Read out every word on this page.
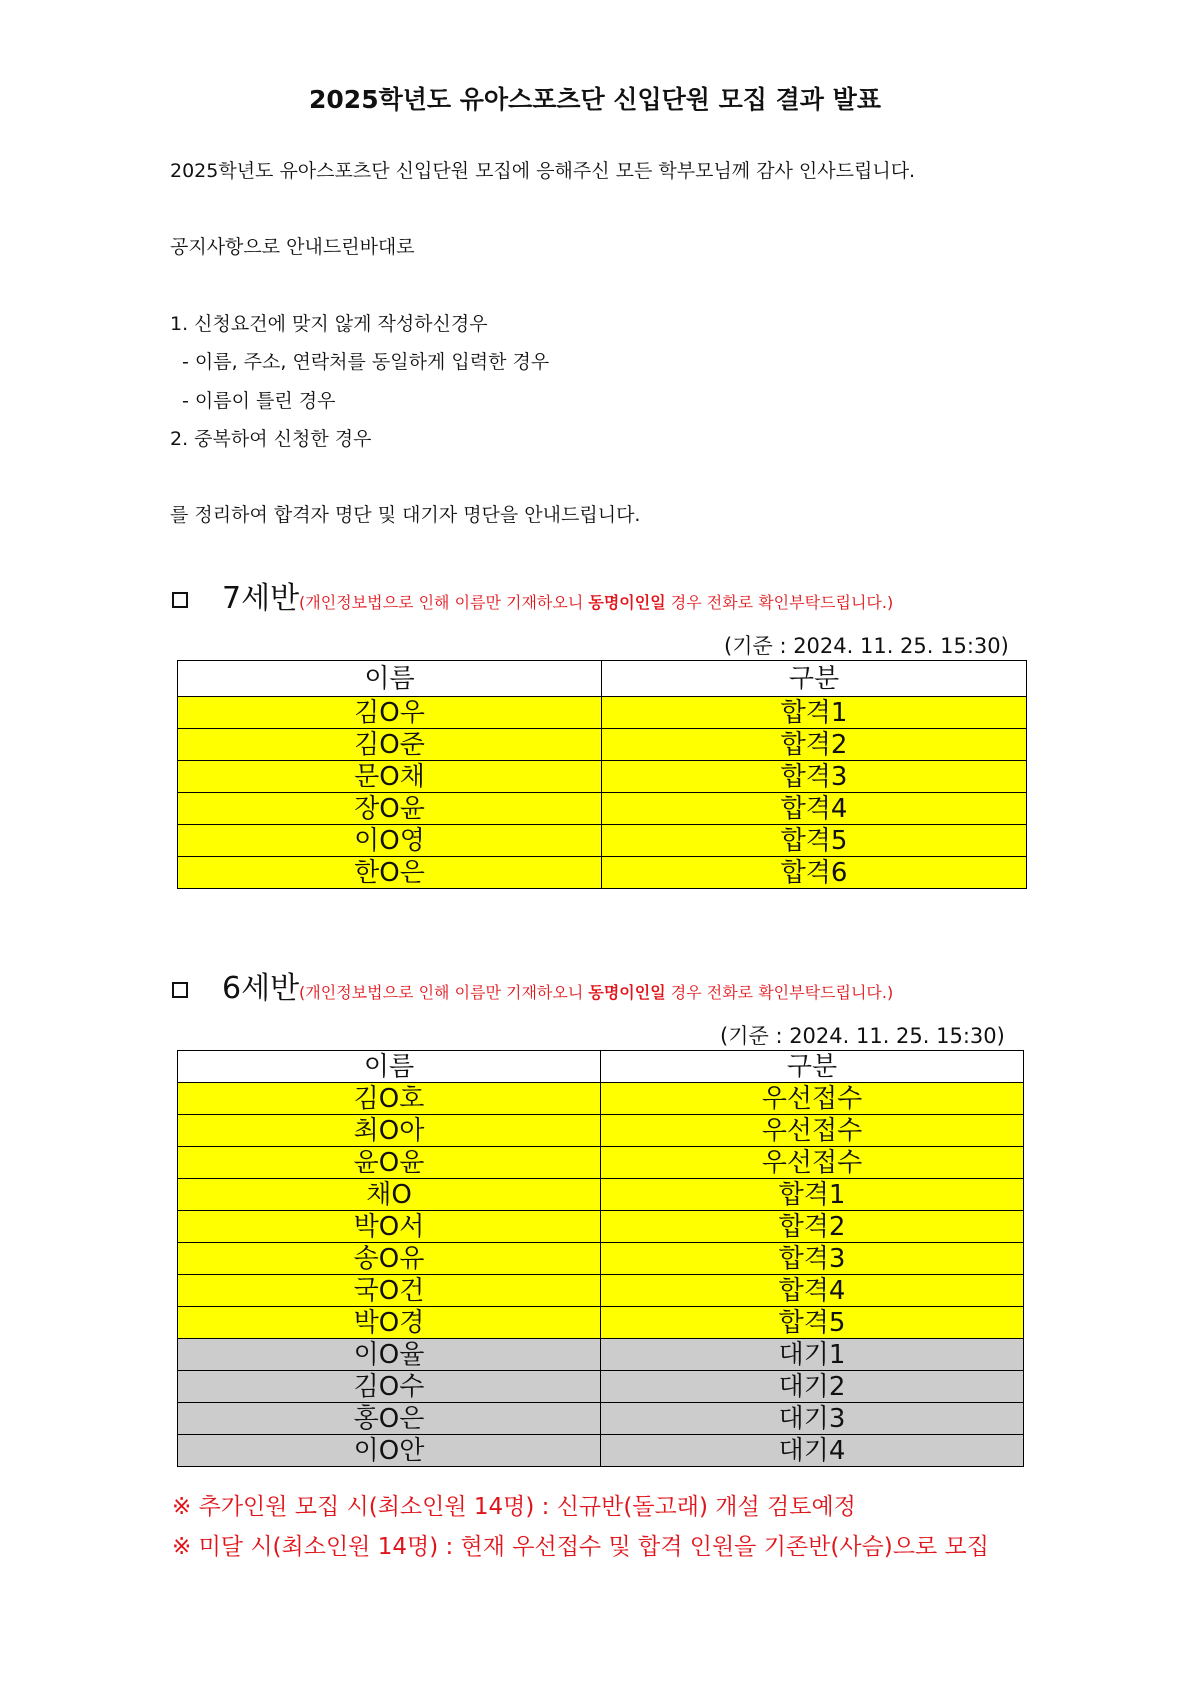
2025학년도 유아스포츠단 신입단원 모집 결과 발표
2025학년도 유아스포츠단 신입단원 모집에 응해주신 모든 학부모님께 감사 인사드립니다.
공지사항으로 안내드린바대로
1. 신청요건에 맞지 않게 작성하신경우
- 이름, 주소, 연락처를 동일하게 입력한 경우
- 이름이 틀린 경우
2. 중복하여 신청한 경우
를 정리하여 합격자 명단 및 대기자 명단을 안내드립니다.
7세반(개인정보법으로 인해 이름만 기재하오니 동명이인일 경우 전화로 확인부탁드립니다.)
(기준 : 2024. 11. 25. 15:30)
이름	구분
김O우	합격1
김O준	합격2
문O채	합격3
장O윤	합격4
이O영	합격5
한O은	합격6
6세반(개인정보법으로 인해 이름만 기재하오니 동명이인일 경우 전화로 확인부탁드립니다.)
(기준 : 2024. 11. 25. 15:30)
이름	구분
김O호	우선접수
최O아	우선접수
윤O윤	우선접수
채O	합격1
박O서	합격2
송O유	합격3
국O건	합격4
박O경	합격5
이O율	대기1
김O수	대기2
홍O은	대기3
이O안	대기4
※ 추가인원 모집 시(최소인원 14명) : 신규반(돌고래) 개설 검토예정
※ 미달 시(최소인원 14명) : 현재 우선접수 및 합격 인원을 기존반(사슴)으로 모집
